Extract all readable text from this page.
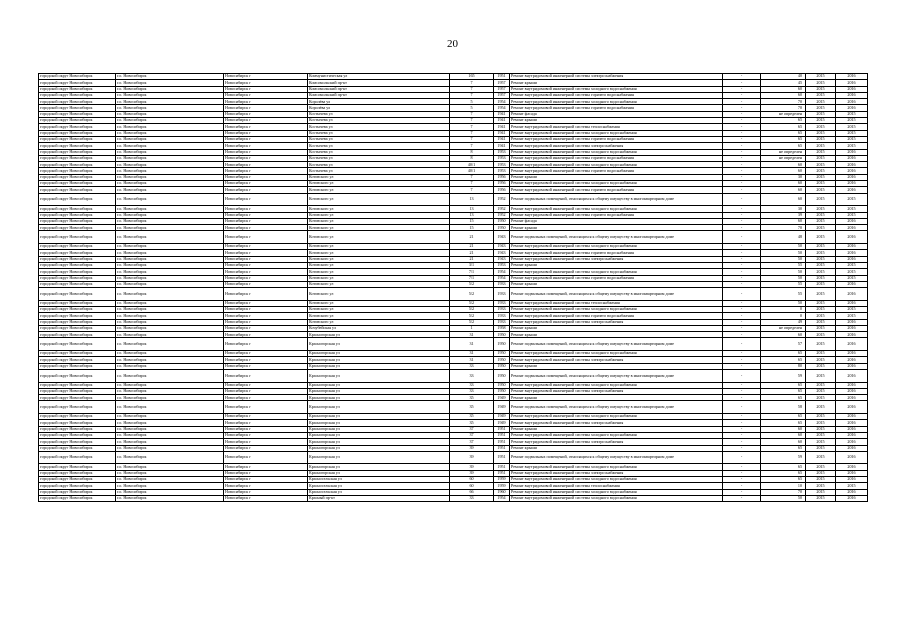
20
городской округ Новосибирск	г.о. Новосибирск	Новосибирск г	Коммунистическая ул	165	1951	Ремонт внутридомовой инженерной системы электроснабжения	-	40	2015	2016
городской округ Новосибирск	г.о. Новосибирск	Новосибирск г	Комсомольский пр-кт	7	1957	Ремонт крыши	-	45	2015	2016
городской округ Новосибирск	г.о. Новосибирск	Новосибирск г	Комсомольский пр-кт	7	1957	Ремонт внутридомовой инженерной системы холодного водоснабжения	-	60	2015	2016
городской округ Новосибирск	г.о. Новосибирск	Новосибирск г	Комсомольский пр-кт	7	1957	Ремонт внутридомовой инженерной системы горячего водоснабжения	-	60	2015	2016
городской округ Новосибирск	г.о. Новосибирск	Новосибирск г	Королёва ул	5	1954	Ремонт внутридомовой инженерной системы холодного водоснабжения	-	70	2015	2016
городской округ Новосибирск	г.о. Новосибирск	Новосибирск г	Королёва ул	5	1954	Ремонт внутридомовой инженерной системы горячего водоснабжения	-	70	2015	2016
городской округ Новосибирск	г.о. Новосибирск	Новосибирск г	Костычева ул	7	1941	Ремонт фасада	-	не определен	2015	2015
городской округ Новосибирск	г.о. Новосибирск	Новосибирск г	Костычева ул	7	1941	Ремонт крыши	-	65	2015	2015
городской округ Новосибирск	г.о. Новосибирск	Новосибирск г	Костычева ул	7	1941	Ремонт внутридомовой инженерной системы теплоснабжения	-	65	2015	2015
городской округ Новосибирск	г.о. Новосибирск	Новосибирск г	Костычева ул	7	1941	Ремонт внутридомовой инженерной системы холодного водоснабжения	-	65	2015	2015
городской округ Новосибирск	г.о. Новосибирск	Новосибирск г	Костычева ул	7	1941	Ремонт внутридомовой инженерной системы горячего водоснабжения	-	65	2015	2015
городской округ Новосибирск	г.о. Новосибирск	Новосибирск г	Костычева ул	7	1941	Ремонт внутридомовой инженерной системы электроснабжения	-	65	2015	2015
городской округ Новосибирск	г.о. Новосибирск	Новосибирск г	Костычева ул	8	1953	Ремонт внутридомовой инженерной системы холодного водоснабжения	-	не определен	2015	2016
городской округ Новосибирск	г.о. Новосибирск	Новосибирск г	Костычева ул	8	1953	Ремонт внутридомовой инженерной системы горячего водоснабжения	-	не определен	2015	2016
городской округ Новосибирск	г.о. Новосибирск	Новосибирск г	Костычева ул	40/1	1953	Ремонт внутридомовой инженерной системы холодного водоснабжения	-	60	2015	2016
городской округ Новосибирск	г.о. Новосибирск	Новосибирск г	Костычева ул	40/1	1953	Ремонт внутридомовой инженерной системы горячего водоснабжения	-	60	2015	2016
городской округ Новосибирск	г.о. Новосибирск	Новосибирск г	Котовского ул	7	1956	Ремонт крыши	-	30	2015	2016
городской округ Новосибирск	г.о. Новосибирск	Новосибирск г	Котовского ул	7	1956	Ремонт внутридомовой инженерной системы холодного водоснабжения	-	60	2015	2016
городской округ Новосибирск	г.о. Новосибирск	Новосибирск г	Котовского ул	7	1956	Ремонт внутридомовой инженерной системы горячего водоснабжения	-	60	2015	2016
городской округ Новосибирск	г.о. Новосибирск	Новосибирск г	Котовского ул	13	1952	Ремонт подвальных помещений, относящихся к общему имуществу в многоквартирном доме	-	60	2015	2015
городской округ Новосибирск	г.о. Новосибирск	Новосибирск г	Котовского ул	13	1952	Ремонт внутридомовой инженерной системы холодного водоснабжения	-	30	2015	2015
городской округ Новосибирск	г.о. Новосибирск	Новосибирск г	Котовского ул	13	1952	Ремонт внутридомовой инженерной системы горячего водоснабжения	-	39	2015	2015
городской округ Новосибирск	г.о. Новосибирск	Новосибирск г	Котовского ул	15	1950	Ремонт фасада	-	60	2015	2016
городской округ Новосибирск	г.о. Новосибирск	Новосибирск г	Котовского ул	15	1950	Ремонт крыши	-	70	2015	2016
городской округ Новосибирск	г.о. Новосибирск	Новосибирск г	Котовского ул	21	1943	Ремонт подвальных помещений, относящихся к общему имуществу в многоквартирном доме	-	48	2015	2016
городской округ Новосибирск	г.о. Новосибирск	Новосибирск г	Котовского ул	21	1943	Ремонт внутридомовой инженерной системы холодного водоснабжения	-	50	2015	2016
городской округ Новосибирск	г.о. Новосибирск	Новосибирск г	Котовского ул	21	1943	Ремонт внутридомовой инженерной системы горячего водоснабжения	-	50	2015	2016
городской округ Новосибирск	г.о. Новосибирск	Новосибирск г	Котовского ул	21	1943	Ремонт внутридомовой инженерной системы электроснабжения	-	50	2015	2016
городской округ Новосибирск	г.о. Новосибирск	Новосибирск г	Котовского ул	3/1	1953	Ремонт крыши	-	55	2015	2015
городской округ Новосибирск	г.о. Новосибирск	Новосибирск г	Котовского ул	7/1	1954	Ремонт внутридомовой инженерной системы холодного водоснабжения	-	50	2015	2015
городской округ Новосибирск	г.о. Новосибирск	Новосибирск г	Котовского ул	7/1	1954	Ремонт внутридомовой инженерной системы горячего водоснабжения	-	50	2015	2015
городской округ Новосибирск	г.о. Новосибирск	Новосибирск г	Котовского ул	5/2	1933	Ремонт крыши	-	55	2015	2016
городской округ Новосибирск	г.о. Новосибирск	Новосибирск г	Котовского ул	5/2	1933	Ремонт подвальных помещений, относящихся к общему имуществу в многоквартирном доме	-	55	2015	2016
городской округ Новосибирск	г.о. Новосибирск	Новосибирск г	Котовского ул	5/2	1933	Ремонт внутридомовой инженерной системы теплоснабжения	-	50	2015	2016
городской округ Новосибирск	г.о. Новосибирск	Новосибирск г	Котовского ул	5/2	1933	Ремонт внутридомовой инженерной системы холодного водоснабжения	-	0	2015	2015
городской округ Новосибирск	г.о. Новосибирск	Новосибирск г	Котовского ул	5/2	1933	Ремонт внутридомовой инженерной системы горячего водоснабжения	-	0	2015	2015
городской округ Новосибирск	г.о. Новосибирск	Новосибирск г	Котовского ул	5/2	1933	Ремонт внутридомовой инженерной системы электроснабжения	-	49	2015	2016
городской округ Новосибирск	г.о. Новосибирск	Новосибирск г	Кочубейская ул	1	1958	Ремонт крыши	-	не определен	2015	2016
городской округ Новосибирск	г.о. Новосибирск	Новосибирск г	Красногорская ул	31	1950	Ремонт крыши	-	60	2015	2016
городской округ Новосибирск	г.о. Новосибирск	Новосибирск г	Красногорская ул	31	1950	Ремонт подвальных помещений, относящихся к общему имуществу в многоквартирном доме	-	57	2015	2016
городской округ Новосибирск	г.о. Новосибирск	Новосибирск г	Красногорская ул	31	1950	Ремонт внутридомовой инженерной системы холодного водоснабжения	-	65	2015	2016
городской округ Новосибирск	г.о. Новосибирск	Новосибирск г	Красногорская ул	31	1950	Ремонт внутридомовой инженерной системы электроснабжения	-	65	2015	2016
городской округ Новосибирск	г.о. Новосибирск	Новосибирск г	Красногорская ул	33	1950	Ремонт крыши	-	80	2015	2016
городской округ Новосибирск	г.о. Новосибирск	Новосибирск г	Красногорская ул	33	1950	Ремонт подвальных помещений, относящихся к общему имуществу в многоквартирном доме	-	59	2015	2016
городской округ Новосибирск	г.о. Новосибирск	Новосибирск г	Красногорская ул	33	1950	Ремонт внутридомовой инженерной системы холодного водоснабжения	-	65	2015	2016
городской округ Новосибирск	г.о. Новосибирск	Новосибирск г	Красногорская ул	33	1950	Ремонт внутридомовой инженерной системы электроснабжения	-	65	2015	2016
городской округ Новосибирск	г.о. Новосибирск	Новосибирск г	Красногорская ул	35	1949	Ремонт крыши	-	65	2015	2016
городской округ Новосибирск	г.о. Новосибирск	Новосибирск г	Красногорская ул	35	1949	Ремонт подвальных помещений, относящихся к общему имуществу в многоквартирном доме	-	58	2015	2016
городской округ Новосибирск	г.о. Новосибирск	Новосибирск г	Красногорская ул	35	1949	Ремонт внутридомовой инженерной системы холодного водоснабжения	-	65	2015	2016
городской округ Новосибирск	г.о. Новосибирск	Новосибирск г	Красногорская ул	35	1949	Ремонт внутридомовой инженерной системы электроснабжения	-	65	2015	2016
городской округ Новосибирск	г.о. Новосибирск	Новосибирск г	Красногорская ул	37	1951	Ремонт крыши	-	60	2015	2016
городской округ Новосибирск	г.о. Новосибирск	Новосибирск г	Красногорская ул	37	1951	Ремонт внутридомовой инженерной системы холодного водоснабжения	-	60	2015	2016
городской округ Новосибирск	г.о. Новосибирск	Новосибирск г	Красногорская ул	37	1951	Ремонт внутридомовой инженерной системы электроснабжения	-	60	2015	2016
городской округ Новосибирск	г.о. Новосибирск	Новосибирск г	Красногорская ул	39	1951	Ремонт крыши	-	65	2015	2016
городской округ Новосибирск	г.о. Новосибирск	Новосибирск г	Красногорская ул	39	1951	Ремонт подвальных помещений, относящихся к общему имуществу в многоквартирном доме	-	59	2015	2016
городской округ Новосибирск	г.о. Новосибирск	Новосибирск г	Красногорская ул	39	1951	Ремонт внутридомовой инженерной системы холодного водоснабжения	-	65	2015	2016
городской округ Новосибирск	г.о. Новосибирск	Новосибирск г	Красногорская ул	39	1951	Ремонт внутридомовой инженерной системы электроснабжения	-	65	2015	2016
городской округ Новосибирск	г.о. Новосибирск	Новосибирск г	Красносельская ул	60	1959	Ремонт внутридомовой инженерной системы холодного водоснабжения	-	65	2015	2016
городской округ Новосибирск	г.о. Новосибирск	Новосибирск г	Красносельская ул	60	1959	Ремонт внутридомовой инженерной системы теплоснабжения	-	10	2015	2015
городской округ Новосибирск	г.о. Новосибирск	Новосибирск г	Красносельская ул	66	1960	Ремонт внутридомовой инженерной системы холодного водоснабжения	-	70	2015	2016
городской округ Новосибирск	г.о. Новосибирск	Новосибирск г	Красный пр-кт	33	1954	Ремонт внутридомовой инженерной системы холодного водоснабжения	-	50	2015	2016
